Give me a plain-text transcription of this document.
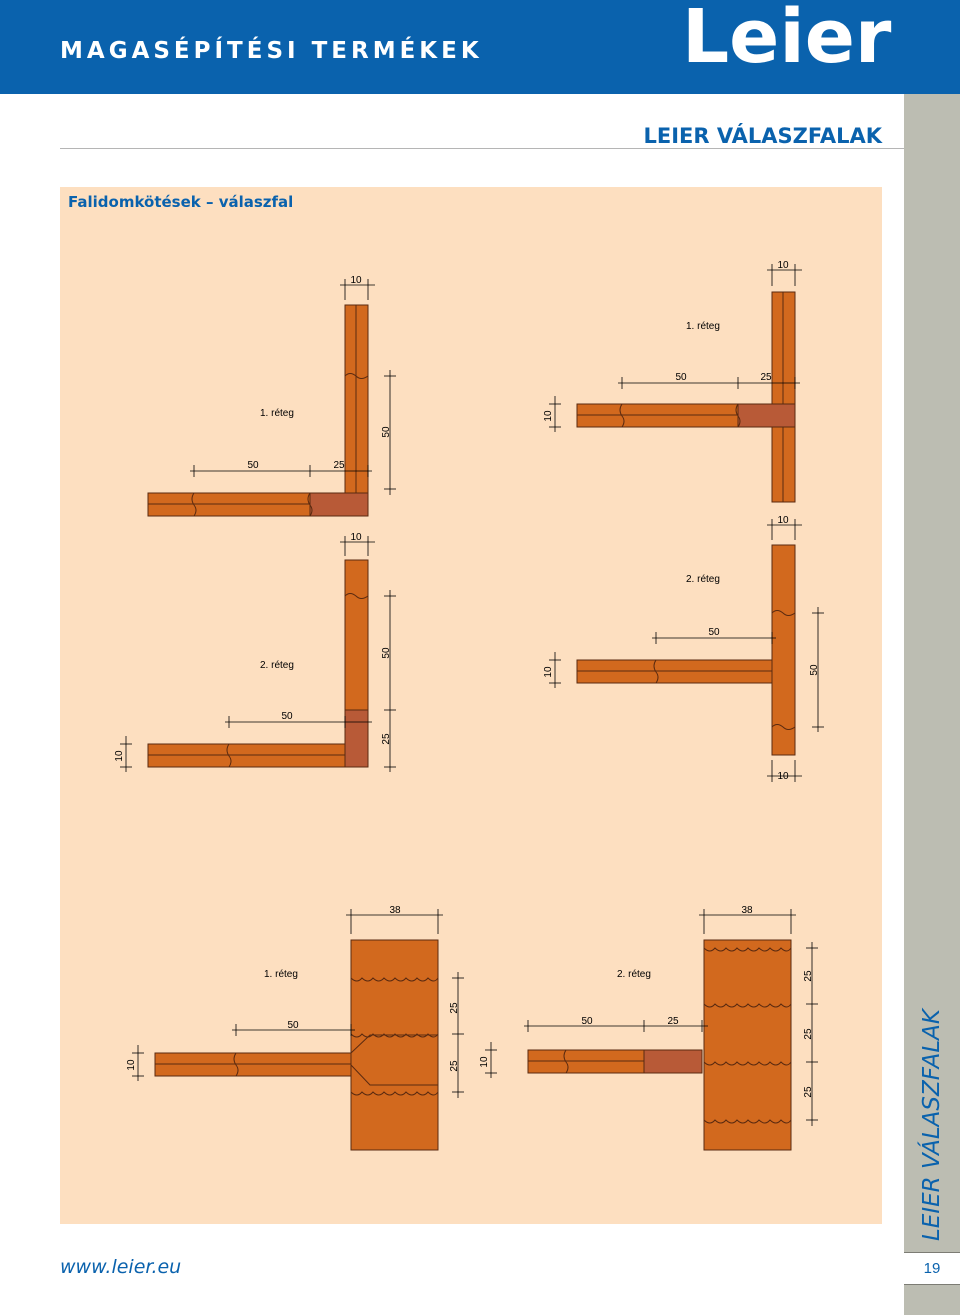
MAGASÉPÍTÉSI TERMÉKEK	Leier
LEIER VÁLASZFALAK
19
LEIER VÁLASZFALAK
Falidomkötések – válaszfal
10
1. réteg
50
50	25
10
1. réteg
50	25
10
10
2. réteg
50
25
50
10
10
2. réteg
50
50
10
10
38
1. réteg
25
25
50
10
38
2. réteg	25
25
25
50	25
10
www.leier.eu
